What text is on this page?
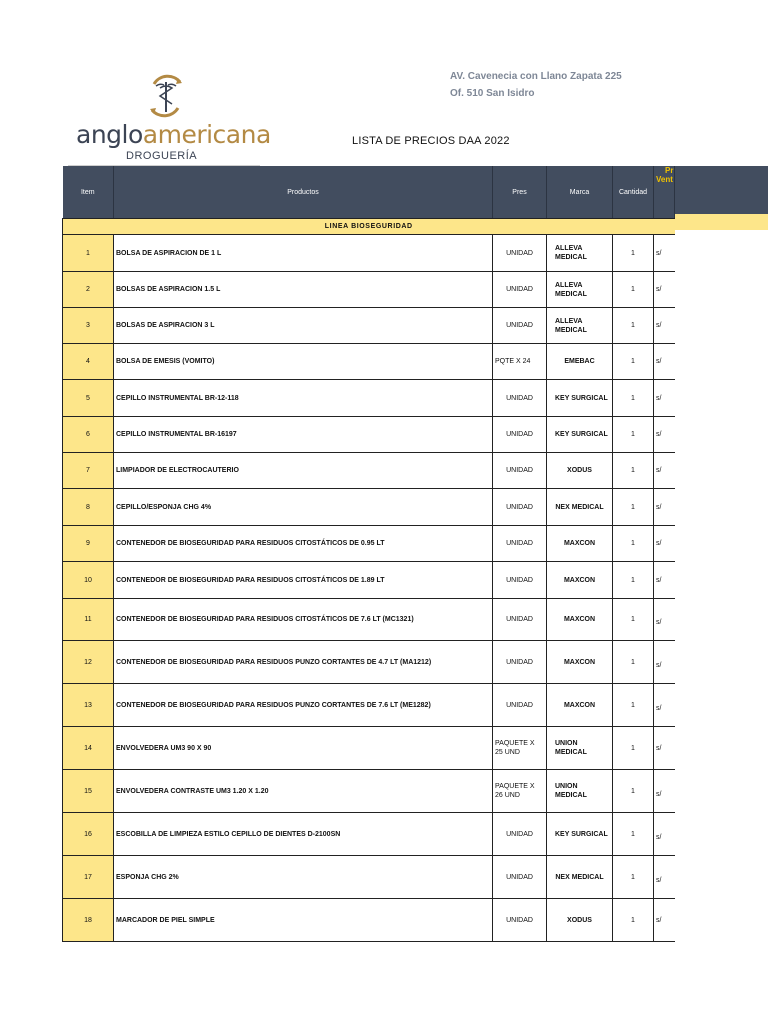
angloamericana
DROGUERÍA
AV. Cavenecia con Llano Zapata 225
Of. 510 San Isidro
LISTA DE PRECIOS DAA 2022
Item	Productos	Pres	Marca	Cantidad	Pr
Vent

LINEA BIOSEGURIDAD					
1	BOLSA DE ASPIRACION DE 1 L	UNIDAD	ALLEVA MEDICAL	1	s/
2	BOLSAS DE ASPIRACION 1.5 L	UNIDAD	ALLEVA MEDICAL	1	s/
3	BOLSAS DE ASPIRACION 3 L	UNIDAD	ALLEVA MEDICAL	1	s/
4	BOLSA DE EMESIS (VOMITO)	PQTE X 24	EMEBAC	1	s/
5	CEPILLO INSTRUMENTAL BR-12-118	UNIDAD	KEY SURGICAL	1	s/
6	CEPILLO INSTRUMENTAL BR-16197	UNIDAD	KEY SURGICAL	1	s/
7	LIMPIADOR DE ELECTROCAUTERIO	UNIDAD	XODUS	1	s/
8	CEPILLO/ESPONJA CHG 4%	UNIDAD	NEX MEDICAL	1	s/
9	CONTENEDOR DE BIOSEGURIDAD PARA RESIDUOS CITOSTÁTICOS DE 0.95 LT	UNIDAD	MAXCON	1	s/
10	CONTENEDOR DE BIOSEGURIDAD PARA RESIDUOS CITOSTÁTICOS DE 1.89 LT	UNIDAD	MAXCON	1	s/
11	CONTENEDOR DE BIOSEGURIDAD PARA RESIDUOS CITOSTÁTICOS DE 7.6 LT (MC1321)	UNIDAD	MAXCON	1	s/
12	CONTENEDOR DE BIOSEGURIDAD PARA RESIDUOS PUNZO CORTANTES DE 4.7 LT (MA1212)	UNIDAD	MAXCON	1	s/
13	CONTENEDOR DE BIOSEGURIDAD PARA RESIDUOS PUNZO CORTANTES DE 7.6 LT (ME1282)	UNIDAD	MAXCON	1	s/
14	ENVOLVEDERA UM3 90 X 90	PAQUETE X 25 UND	UNION MEDICAL	1	s/
15	ENVOLVEDERA CONTRASTE UM3 1.20 X 1.20	PAQUETE X 26 UND	UNION MEDICAL	1	s/
16	ESCOBILLA DE LIMPIEZA ESTILO CEPILLO DE DIENTES D-2100SN	UNIDAD	KEY SURGICAL	1	s/
17	ESPONJA CHG 2%	UNIDAD	NEX MEDICAL	1	s/
18	MARCADOR DE PIEL SIMPLE	UNIDAD	XODUS	1	s/
